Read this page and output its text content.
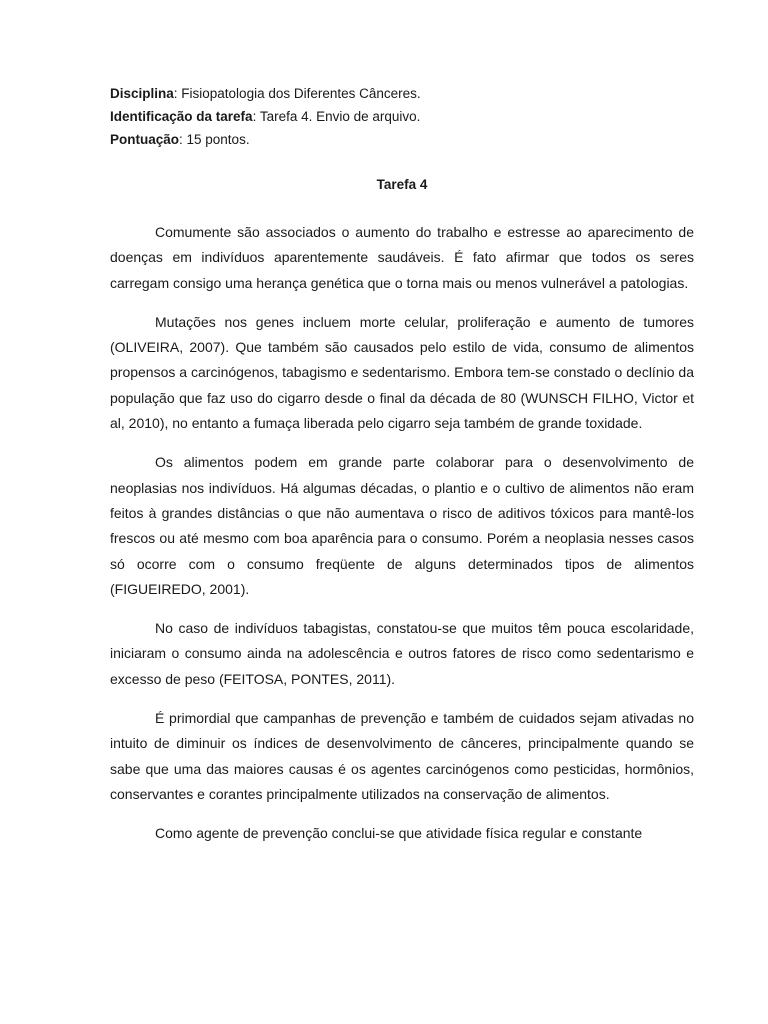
Disciplina: Fisiopatologia dos Diferentes Cânceres.

Identificação da tarefa: Tarefa 4. Envio de arquivo.

Pontuação: 15 pontos.

Tarefa 4

Comumente são associados o aumento do trabalho e estresse ao aparecimento de doenças em indivíduos aparentemente saudáveis. É fato afirmar que todos os seres carregam consigo uma herança genética que o torna mais ou menos vulnerável a patologias.

Mutações nos genes incluem morte celular, proliferação e aumento de tumores (OLIVEIRA, 2007). Que também são causados pelo estilo de vida, consumo de alimentos propensos a carcinógenos, tabagismo e sedentarismo. Embora tem-se constado o declínio da população que faz uso do cigarro desde o final da década de 80 (WUNSCH FILHO, Victor et al, 2010), no entanto a fumaça liberada pelo cigarro seja também de grande toxidade.

Os alimentos podem em grande parte colaborar para o desenvolvimento de neoplasias nos indivíduos. Há algumas décadas, o plantio e o cultivo de alimentos não eram feitos à grandes distâncias o que não aumentava o risco de aditivos tóxicos para mantê-los frescos ou até mesmo com boa aparência para o consumo. Porém a neoplasia nesses casos só ocorre com o consumo freqüente de alguns determinados tipos de alimentos (FIGUEIREDO, 2001).

No caso de indivíduos tabagistas, constatou-se que muitos têm pouca escolaridade, iniciaram o consumo ainda na adolescência e outros fatores de risco como sedentarismo e excesso de peso (FEITOSA, PONTES, 2011).

É primordial que campanhas de prevenção e também de cuidados sejam ativadas no intuito de diminuir os índices de desenvolvimento de cânceres, principalmente quando se sabe que uma das maiores causas é os agentes carcinógenos como pesticidas, hormônios, conservantes e corantes principalmente utilizados na conservação de alimentos.

Como agente de prevenção conclui-se que atividade física regular e constante
